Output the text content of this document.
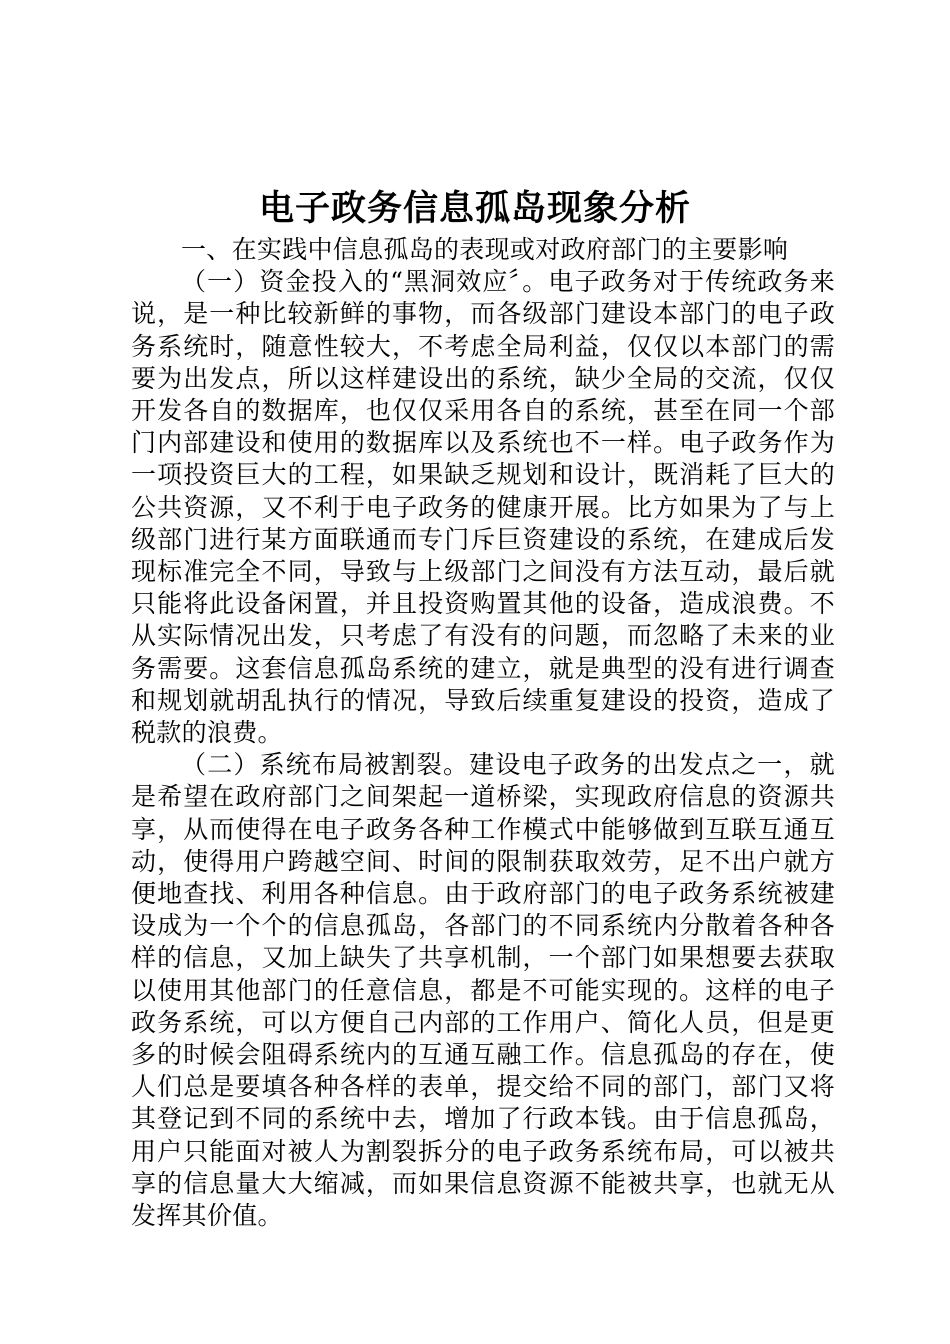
电子政务信息孤岛现象分析

一、在实践中信息孤岛的表现或对政府部门的主要影响

（一）资金投入的“黑洞效应〞。电子政务对于传统政务来说，是一种比较新鲜的事物，而各级部门建设本部门的电子政务系统时，随意性较大，不考虑全局利益，仅仅以本部门的需要为出发点，所以这样建设出的系统，缺少全局的交流，仅仅开发各自的数据库，也仅仅采用各自的系统，甚至在同一个部门内部建设和使用的数据库以及系统也不一样。电子政务作为一项投资巨大的工程，如果缺乏规划和设计，既消耗了巨大的公共资源，又不利于电子政务的健康开展。比方如果为了与上级部门进行某方面联通而专门斥巨资建设的系统，在建成后发现标准完全不同，导致与上级部门之间没有方法互动，最后就只能将此设备闲置，并且投资购置其他的设备，造成浪费。不从实际情况出发，只考虑了有没有的问题，而忽略了未来的业务需要。这套信息孤岛系统的建立，就是典型的没有进行调查和规划就胡乱执行的情况，导致后续重复建设的投资，造成了税款的浪费。

（二）系统布局被割裂。建设电子政务的出发点之一，就是希望在政府部门之间架起一道桥梁，实现政府信息的资源共享，从而使得在电子政务各种工作模式中能够做到互联互通互动，使得用户跨越空间、时间的限制获取效劳，足不出户就方便地查找、利用各种信息。由于政府部门的电子政务系统被建设成为一个个的信息孤岛，各部门的不同系统内分散着各种各样的信息，又加上缺失了共享机制，一个部门如果想要去获取以使用其他部门的任意信息，都是不可能实现的。这样的电子政务系统，可以方便自己内部的工作用户、简化人员，但是更多的时候会阻碍系统内的互通互融工作。信息孤岛的存在，使人们总是要填各种各样的表单，提交给不同的部门，部门又将其登记到不同的系统中去，增加了行政本钱。由于信息孤岛，用户只能面对被人为割裂拆分的电子政务系统布局，可以被共享的信息量大大缩减，而如果信息资源不能被共享，也就无从发挥其价值。
